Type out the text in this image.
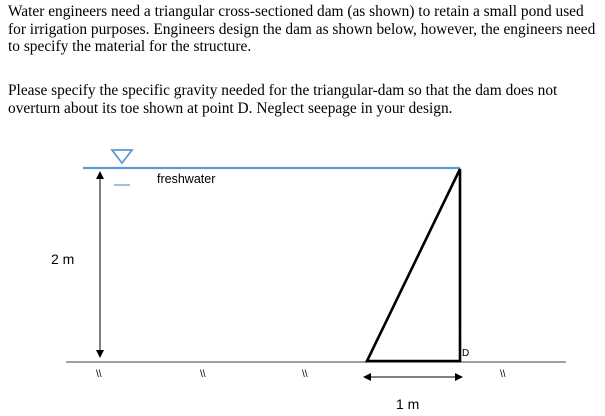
Water engineers need a triangular cross-sectioned dam (as shown) to retain a small pond used for irrigation purposes. Engineers design the dam as shown below, however, the engineers need to specify the material for the structure.

Please specify the specific gravity needed for the triangular-dam so that the dam does not overturn about its toe shown at point D. Neglect seepage in your design.

freshwater
2 m
1 m
D
\\	\\	\\	\\
